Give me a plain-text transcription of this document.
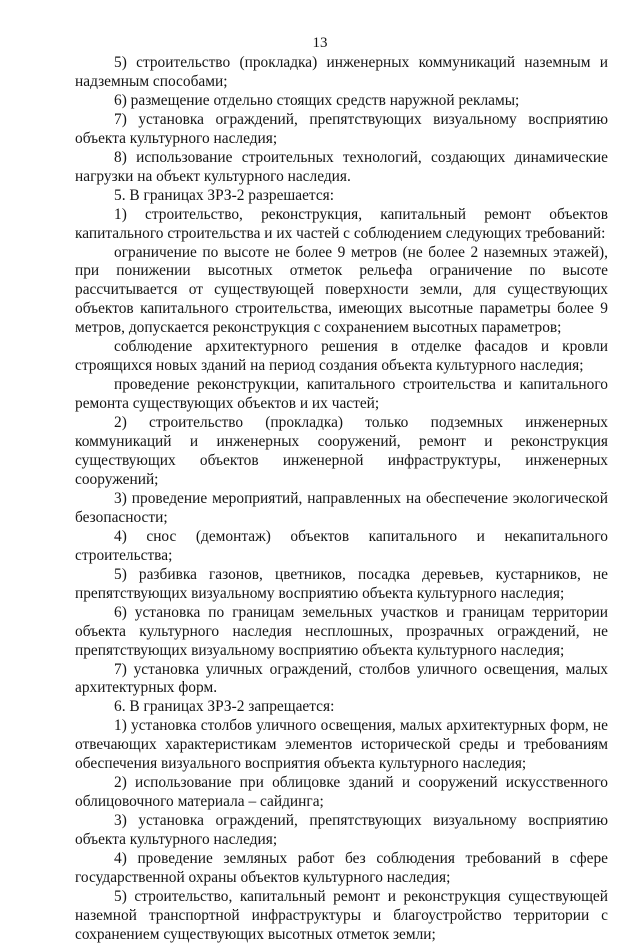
13

5) строительство (прокладка) инженерных коммуникаций наземным и надземным способами;

6) размещение отдельно стоящих средств наружной рекламы;

7) установка ограждений, препятствующих визуальному восприятию объекта культурного наследия;

8) использование строительных технологий, создающих динамические нагрузки на объект культурного наследия.

5. В границах ЗРЗ-2 разрешается:

1) строительство, реконструкция, капитальный ремонт объектов капитального строительства и их частей с соблюдением следующих требований:

ограничение по высоте не более 9 метров (не более 2 наземных этажей), при понижении высотных отметок рельефа ограничение по высоте рассчитывается от существующей поверхности земли, для существующих объектов капитального строительства, имеющих высотные параметры более 9 метров, допускается реконструкция с сохранением высотных параметров;

соблюдение архитектурного решения в отделке фасадов и кровли строящихся новых зданий на период создания объекта культурного наследия;

проведение реконструкции, капитального строительства и капитального ремонта существующих объектов и их частей;

2) строительство (прокладка) только подземных инженерных коммуникаций и инженерных сооружений, ремонт и реконструкция существующих объектов инженерной инфраструктуры, инженерных сооружений;

3) проведение мероприятий, направленных на обеспечение экологической безопасности;

4) снос (демонтаж) объектов капитального и некапитального строительства;

5) разбивка газонов, цветников, посадка деревьев, кустарников, не препятствующих визуальному восприятию объекта культурного наследия;

6) установка по границам земельных участков и границам территории объекта культурного наследия несплошных, прозрачных ограждений, не препятствующих визуальному восприятию объекта культурного наследия;

7) установка уличных ограждений, столбов уличного освещения, малых архитектурных форм.

6. В границах ЗРЗ-2 запрещается:

1) установка столбов уличного освещения, малых архитектурных форм, не отвечающих характеристикам элементов исторической среды и требованиям обеспечения визуального восприятия объекта культурного наследия;

2) использование при облицовке зданий и сооружений искусственного облицовочного материала – сайдинга;

3) установка ограждений, препятствующих визуальному восприятию объекта культурного наследия;

4) проведение земляных работ без соблюдения требований в сфере государственной охраны объектов культурного наследия;

5) строительство, капитальный ремонт и реконструкция существующей наземной транспортной инфраструктуры и благоустройство территории с сохранением существующих высотных отметок земли;
